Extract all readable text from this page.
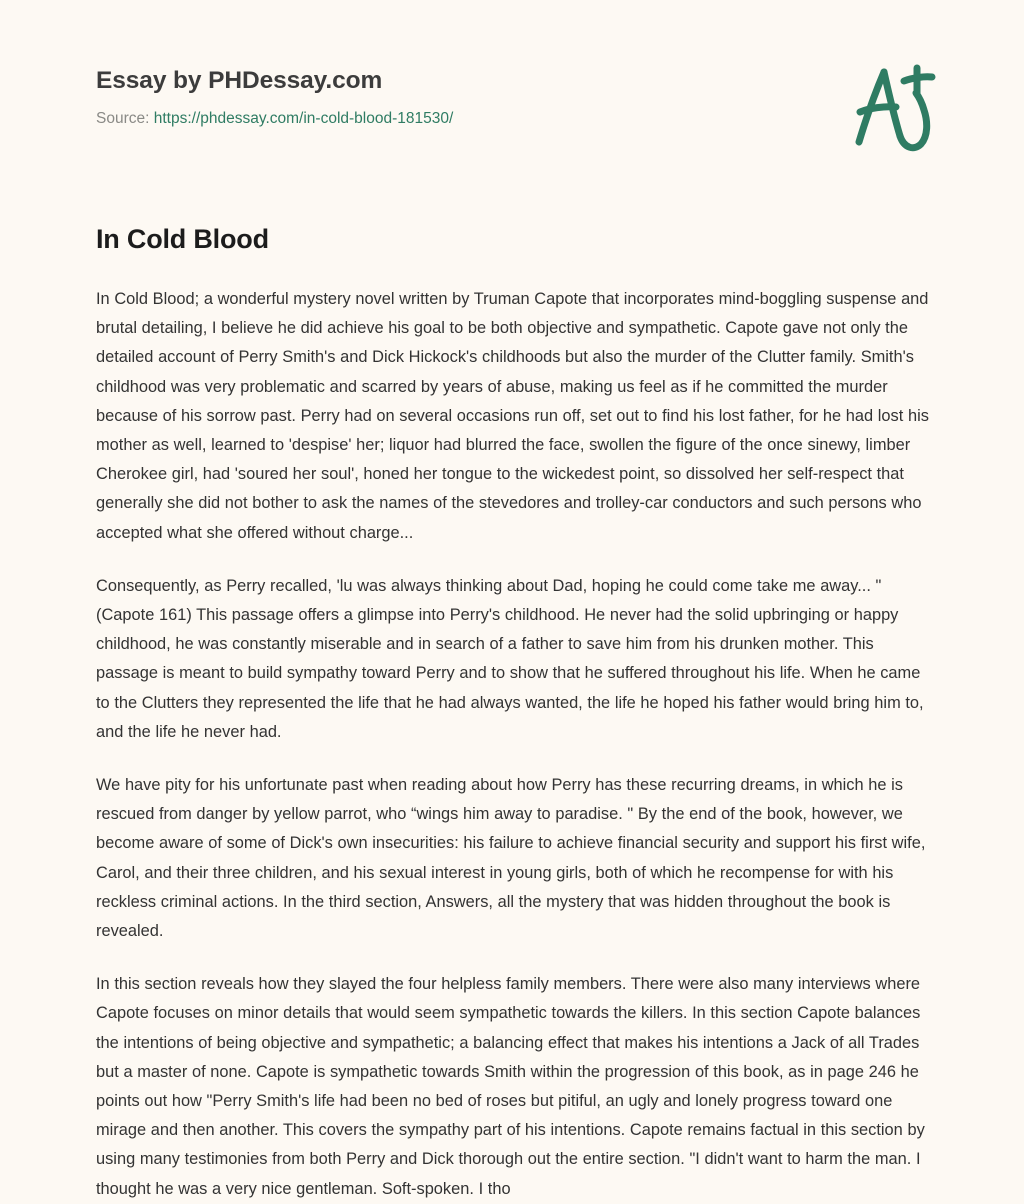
Essay by PHDessay.com
Source: https://phdessay.com/in-cold-blood-181530/
In Cold Blood

In Cold Blood; a wonderful mystery novel written by Truman Capote that incorporates mind-boggling suspense and brutal detailing, I believe he did achieve his goal to be both objective and sympathetic. Capote gave not only the detailed account of Perry Smith's and Dick Hickock's childhoods but also the murder of the Clutter family. Smith's childhood was very problematic and scarred by years of abuse, making us feel as if he committed the murder because of his sorrow past. Perry had on several occasions run off, set out to find his lost father, for he had lost his mother as well, learned to 'despise' her; liquor had blurred the face, swollen the figure of the once sinewy, limber Cherokee girl, had 'soured her soul', honed her tongue to the wickedest point, so dissolved her self-respect that generally she did not bother to ask the names of the stevedores and trolley-car conductors and such persons who accepted what she offered without charge...

Consequently, as Perry recalled, 'lu was always thinking about Dad, hoping he could come take me away... " (Capote 161) This passage offers a glimpse into Perry's childhood. He never had the solid upbringing or happy childhood, he was constantly miserable and in search of a father to save him from his drunken mother. This passage is meant to build sympathy toward Perry and to show that he suffered throughout his life. When he came to the Clutters they represented the life that he had always wanted, the life he hoped his father would bring him to, and the life he never had.

We have pity for his unfortunate past when reading about how Perry has these recurring dreams, in which he is rescued from danger by yellow parrot, who “wings him away to paradise. " By the end of the book, however, we become aware of some of Dick's own insecurities: his failure to achieve financial security and support his first wife, Carol, and their three children, and his sexual interest in young girls, both of which he recompense for with his reckless criminal actions. In the third section, Answers, all the mystery that was hidden throughout the book is revealed.

In this section reveals how they slayed the four helpless family members. There were also many interviews where Capote focuses on minor details that would seem sympathetic towards the killers. In this section Capote balances the intentions of being objective and sympathetic; a balancing effect that makes his intentions a Jack of all Trades but a master of none. Capote is sympathetic towards Smith within the progression of this book, as in page 246 he points out how "Perry Smith's life had been no bed of roses but pitiful, an ugly and lonely progress toward one mirage and then another. This covers the sympathy part of his intentions. Capote remains factual in this section by using many testimonies from both Perry and Dick thorough out the entire section. "I didn't want to harm the man. I thought he was a very nice gentleman. Soft-spoken. I tho
